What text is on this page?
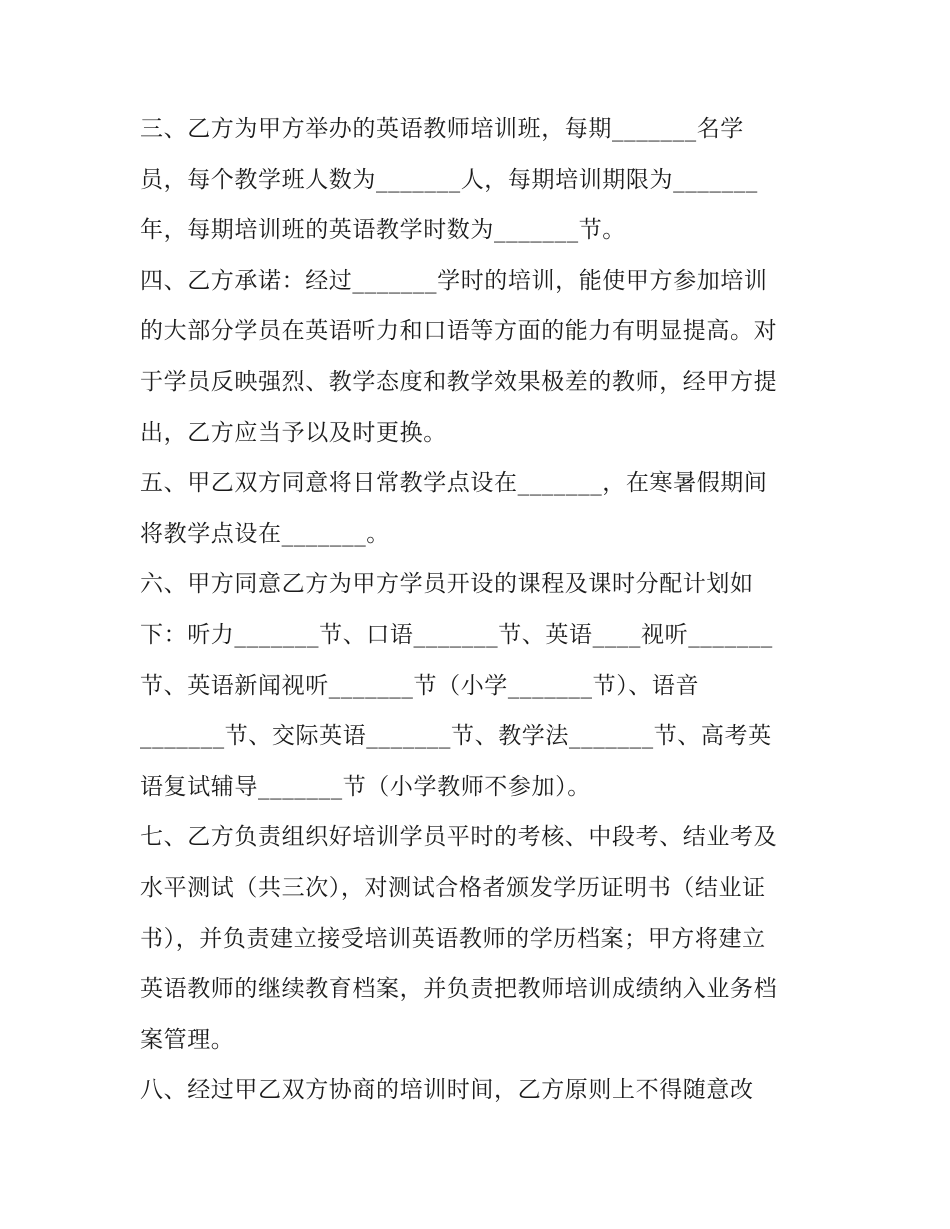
三、乙方为甲方举办的英语教师培训班，每期_______名学
员，每个教学班人数为_______人，每期培训期限为_______
年，每期培训班的英语教学时数为_______节。
四、乙方承诺：经过_______学时的培训，能使甲方参加培训
的大部分学员在英语听力和口语等方面的能力有明显提高。对
于学员反映强烈、教学态度和教学效果极差的教师，经甲方提
出，乙方应当予以及时更换。
五、甲乙双方同意将日常教学点设在_______，在寒暑假期间
将教学点设在_______。
六、甲方同意乙方为甲方学员开设的课程及课时分配计划如
下：听力_______节、口语_______节、英语____视听_______
节、英语新闻视听_______节（小学_______节）、语音
_______节、交际英语_______节、教学法_______节、高考英
语复试辅导_______节（小学教师不参加）。
七、乙方负责组织好培训学员平时的考核、中段考、结业考及
水平测试（共三次），对测试合格者颁发学历证明书（结业证
书），并负责建立接受培训英语教师的学历档案；甲方将建立
英语教师的继续教育档案，并负责把教师培训成绩纳入业务档
案管理。
八、经过甲乙双方协商的培训时间，乙方原则上不得随意改
